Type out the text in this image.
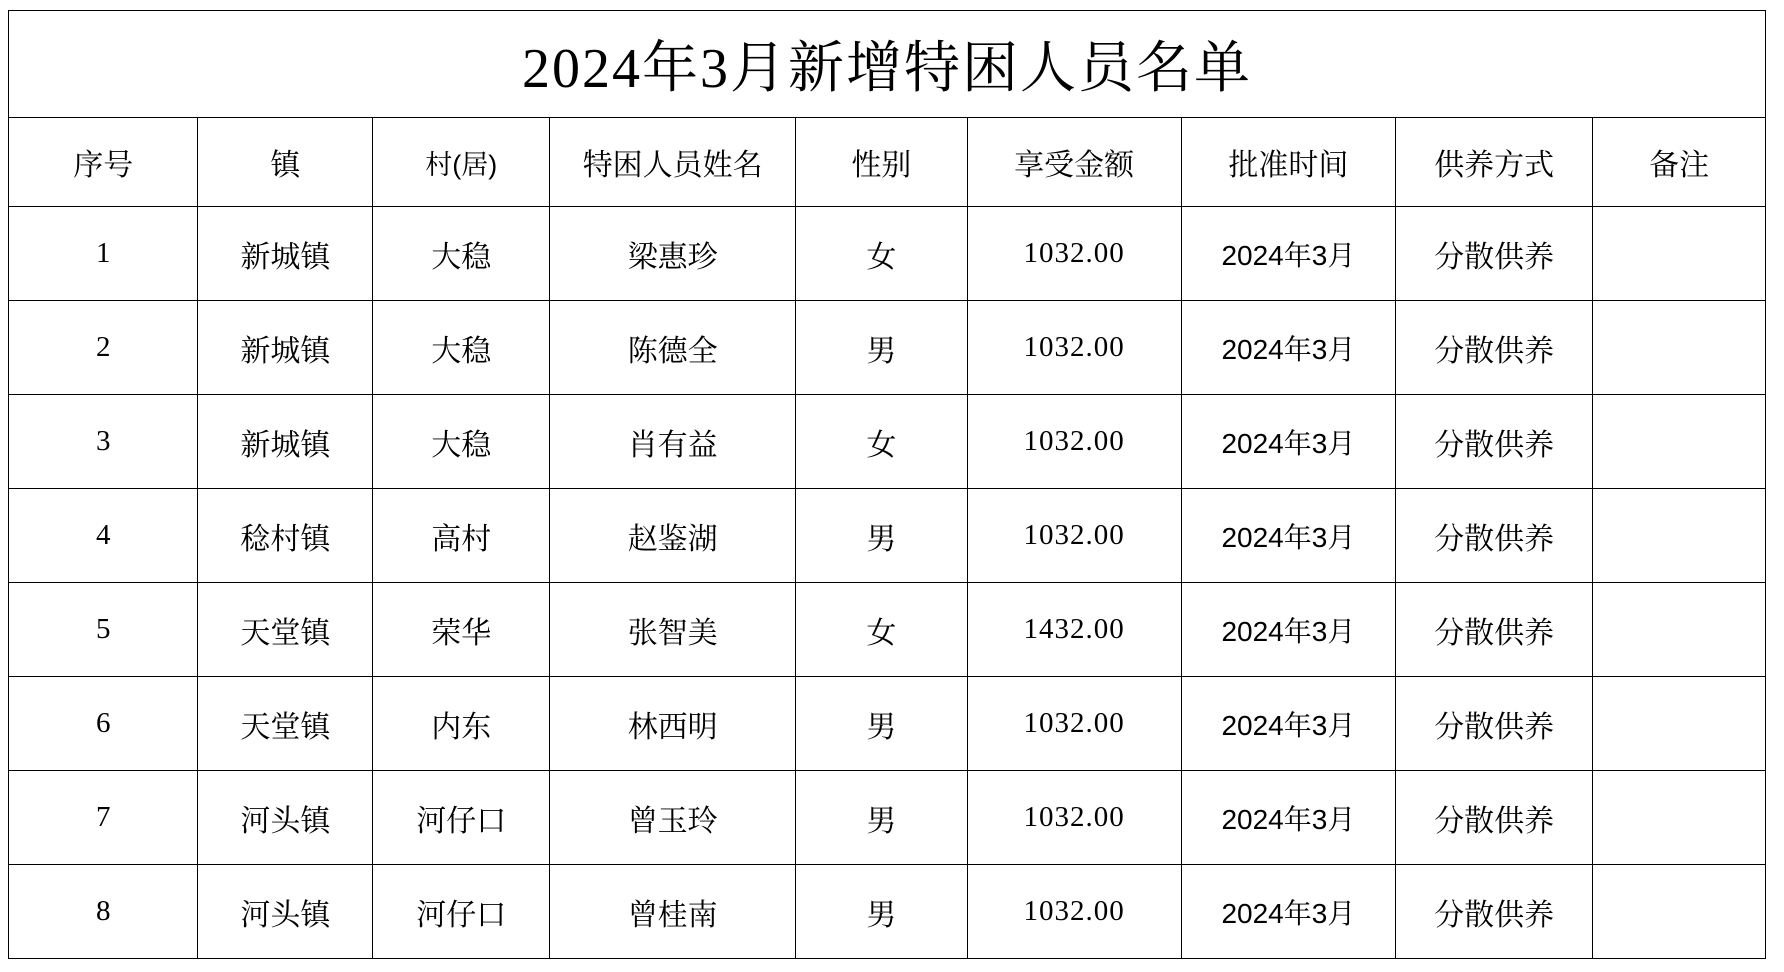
2024年3月新增特困人员名单								
序号	镇	村(居)	特困人员姓名	性别	享受金额	批准时间	供养方式	备注
1	新城镇	大稳	梁惠珍	女	1032.00	2024年3月	分散供养	
2	新城镇	大稳	陈德全	男	1032.00	2024年3月	分散供养	
3	新城镇	大稳	肖有益	女	1032.00	2024年3月	分散供养	
4	稔村镇	高村	赵鉴湖	男	1032.00	2024年3月	分散供养	
5	天堂镇	荣华	张智美	女	1432.00	2024年3月	分散供养	
6	天堂镇	内东	林西明	男	1032.00	2024年3月	分散供养	
7	河头镇	河仔口	曾玉玲	男	1032.00	2024年3月	分散供养	
8	河头镇	河仔口	曾桂南	男	1032.00	2024年3月	分散供养	
